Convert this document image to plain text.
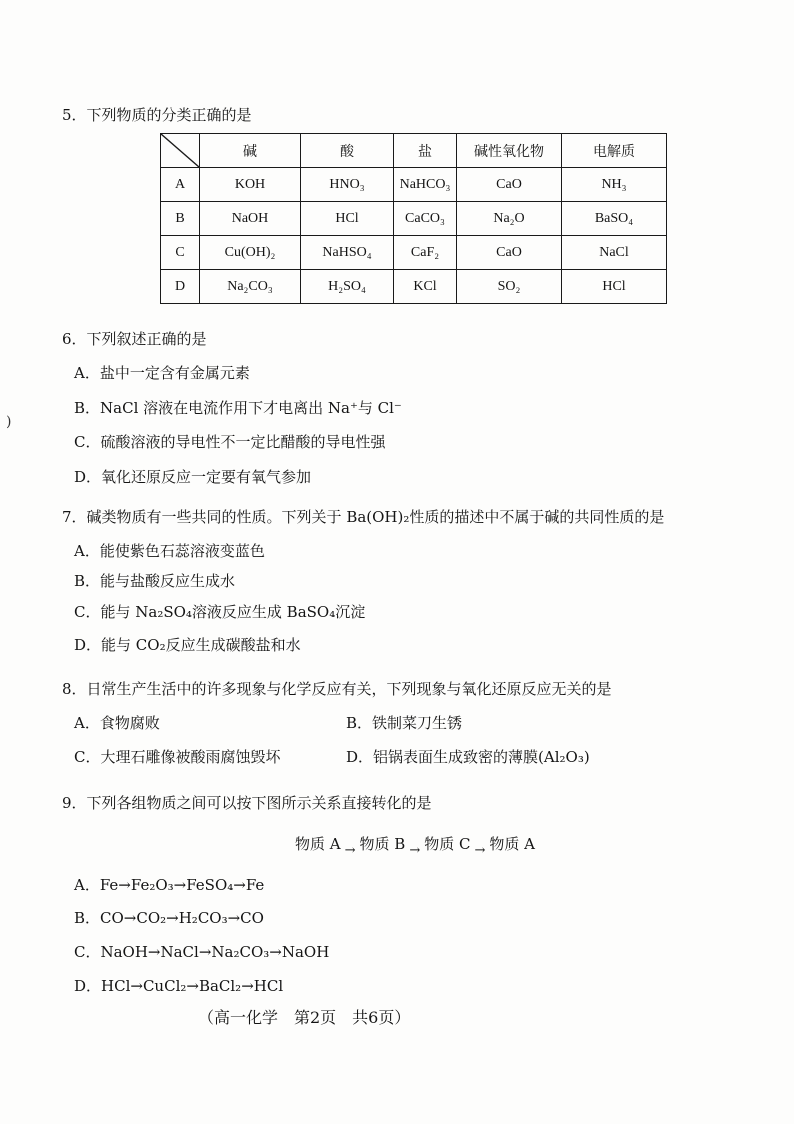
5．下列物质的分类正确的是
	碱	酸	盐	碱性氧化物	电解质
A	KOH	HNO₃	NaHCO₃	CaO	NH₃
B	NaOH	HCl	CaCO₃	Na₂O	BaSO₄
C	Cu(OH)₂	NaHSO₄	CaF₂	CaO	NaCl
D	Na₂CO₃	H₂SO₄	KCl	SO₂	HCl
6．下列叙述正确的是
A．盐中一定含有金属元素
B．NaCl 溶液在电流作用下才电离出 Na⁺与 Cl⁻
C．硫酸溶液的导电性不一定比醋酸的导电性强
D．氧化还原反应一定要有氧气参加
7．碱类物质有一些共同的性质。下列关于 Ba(OH)₂性质的描述中不属于碱的共同性质的是
A．能使紫色石蕊溶液变蓝色
B．能与盐酸反应生成水
C．能与 Na₂SO₄溶液反应生成 BaSO₄沉淀
D．能与 CO₂反应生成碳酸盐和水
8．日常生产生活中的许多现象与化学反应有关，下列现象与氧化还原反应无关的是
A．食物腐败	B．铁制菜刀生锈
C．大理石雕像被酸雨腐蚀毁坏	D．铝锅表面生成致密的薄膜(Al₂O₃)
9．下列各组物质之间可以按下图所示关系直接转化的是
物质 A → 物质 B → 物质 C → 物质 A
A．Fe→Fe₂O₃→FeSO₄→Fe
B．CO→CO₂→H₂CO₃→CO
C．NaOH→NaCl→Na₂CO₃→NaOH
D．HCl→CuCl₂→BaCl₂→HCl
（高一化学　第2页　共6页）
)
